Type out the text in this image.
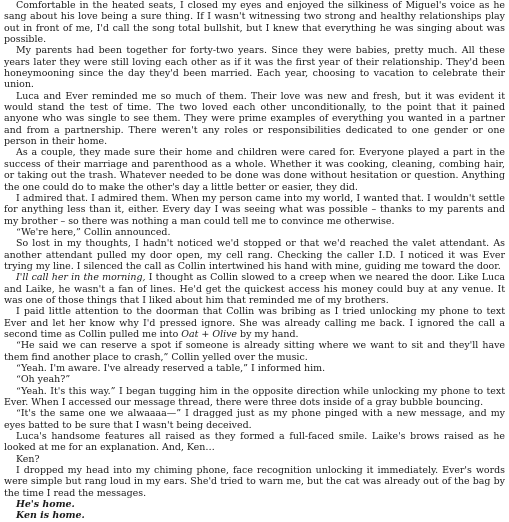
Comfortable in the heated seats, I closed my eyes and enjoyed the silkiness of Miguel's voice as he sang about his love being a sure thing. If I wasn't witnessing two strong and healthy relationships play out in front of me, I'd call the song total bullshit, but I knew that everything he was singing about was possible.

My parents had been together for forty-two years. Since they were babies, pretty much. All these years later they were still loving each other as if it was the first year of their relationship. They'd been honeymooning since the day they'd been married. Each year, choosing to vacation to celebrate their union.

Luca and Ever reminded me so much of them. Their love was new and fresh, but it was evident it would stand the test of time. The two loved each other unconditionally, to the point that it pained anyone who was single to see them. They were prime examples of everything you wanted in a partner and from a partnership. There weren't any roles or responsibilities dedicated to one gender or one person in their home.

As a couple, they made sure their home and children were cared for. Everyone played a part in the success of their marriage and parenthood as a whole. Whether it was cooking, cleaning, combing hair, or taking out the trash. Whatever needed to be done was done without hesitation or question. Anything the one could do to make the other's day a little better or easier, they did.

I admired that. I admired them. When my person came into my world, I wanted that. I wouldn't settle for anything less than it, either. Every day I was seeing what was possible – thanks to my parents and my brother – so there was nothing a man could tell me to convince me otherwise.

“We're here,” Collin announced.

So lost in my thoughts, I hadn't noticed we'd stopped or that we'd reached the valet attendant. As another attendant pulled my door open, my cell rang. Checking the caller I.D. I noticed it was Ever trying my line. I silenced the call as Collin intertwined his hand with mine, guiding me toward the door.

I'll call her in the morning, I thought as Collin slowed to a creep when we neared the door. Like Luca and Laike, he wasn't a fan of lines. He'd get the quickest access his money could buy at any venue. It was one of those things that I liked about him that reminded me of my brothers.

I paid little attention to the doorman that Collin was bribing as I tried unlocking my phone to text Ever and let her know why I'd pressed ignore. She was already calling me back. I ignored the call a second time as Collin pulled me into Oat + Olive by my hand.

“He said we can reserve a spot if someone is already sitting where we want to sit and they'll have them find another place to crash,” Collin yelled over the music.

“Yeah. I'm aware. I've already reserved a table,” I informed him.

“Oh yeah?”

“Yeah. It's this way.” I began tugging him in the opposite direction while unlocking my phone to text Ever. When I accessed our message thread, there were three dots inside of a gray bubble bouncing.

“It's the same one we alwaaaa—” I dragged just as my phone pinged with a new message, and my eyes batted to be sure that I wasn't being deceived.

Luca's handsome features all raised as they formed a full-faced smile. Laike's brows raised as he looked at me for an explanation. And, Ken…

Ken?

I dropped my head into my chiming phone, face recognition unlocking it immediately. Ever's words were simple but rang loud in my ears. She'd tried to warn me, but the cat was already out of the bag by the time I read the messages.

He's home.

Ken is home.
